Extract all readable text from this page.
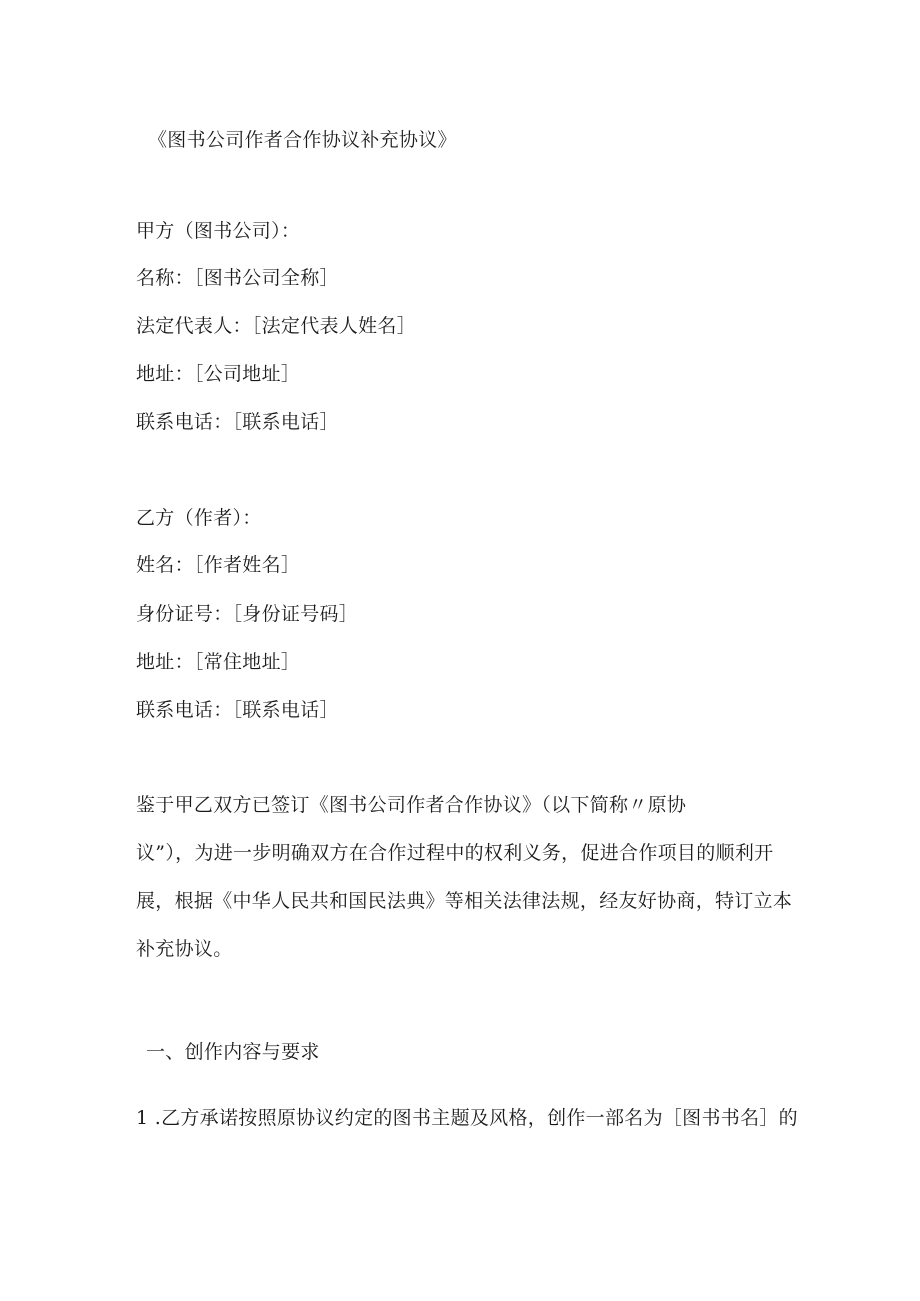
《图书公司作者合作协议补充协议》
甲方（图书公司）：
名称：［图书公司全称］
法定代表人：［法定代表人姓名］
地址：［公司地址］
联系电话：［联系电话］
乙方（作者）：
姓名：［作者姓名］
身份证号：［身份证号码］
地址：［常住地址］
联系电话：［联系电话］
鉴于甲乙双方已签订《图书公司作者合作协议》（以下简称〃原协
议”），为进一步明确双方在合作过程中的权利义务，促进合作项目的顺利开
展，根据《中华人民共和国民法典》等相关法律法规，经友好协商，特订立本
补充协议。
一、创作内容与要求
1 .乙方承诺按照原协议约定的图书主题及风格，创作一部名为［图书书名］的
